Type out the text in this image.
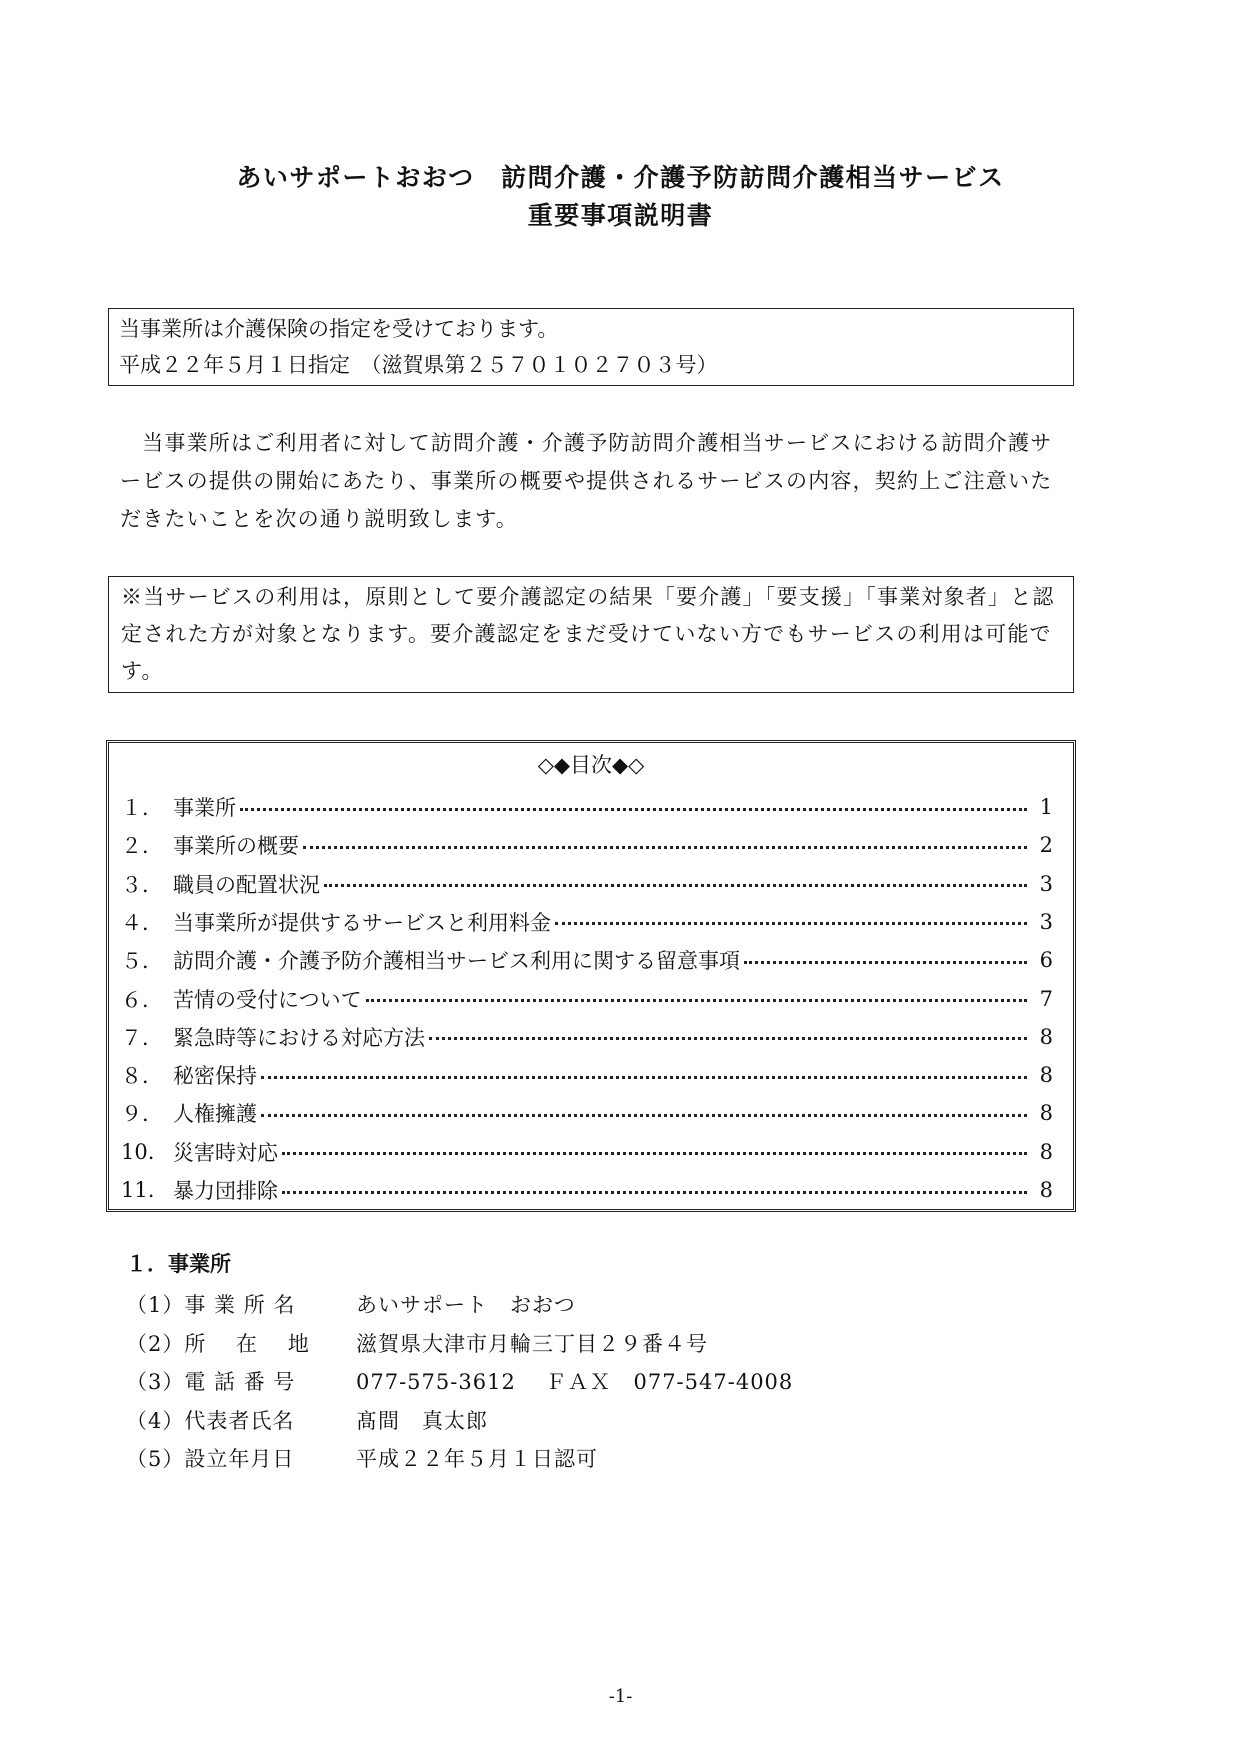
あいサポートおおつ　訪問介護・介護予防訪問介護相当サービス
重要事項説明書
当事業所は介護保険の指定を受けております。
平成２２年５月１日指定　（滋賀県第２５７０１０２７０３号）
　当事業所はご利用者に対して訪問介護・介護予防訪問介護相当サービスにおける訪問介護サービスの提供の開始にあたり、事業所の概要や提供されるサービスの内容，契約上ご注意いただきたいことを次の通り説明致します。
※当サービスの利用は，原則として要介護認定の結果「要介護」「要支援」「事業対象者」と認定された方が対象となります。要介護認定をまだ受けていない方でもサービスの利用は可能です。
◇◆目次◆◇
１． 事業所	1
２． 事業所の概要	2
３． 職員の配置状況	3
４． 当事業所が提供するサービスと利用料金	3
５． 訪問介護・介護予防介護相当サービス利用に関する留意事項	6
６． 苦情の受付について	7
７． 緊急時等における対応方法	8
８． 秘密保持	8
９． 人権擁護	8
10. 災害時対応	8
11. 暴力団排除	8
１．事業所
（1）事 業 所 名	あいサポート　おおつ
（2）所　 在　 地	滋賀県大津市月輪三丁目２９番４号
（3）電 話 番 号	077-575-3612　 ＦＡＸ　077-547-4008
（4）代表者氏名	髙間　真太郎
（5）設立年月日	平成２２年５月１日認可
-1-
